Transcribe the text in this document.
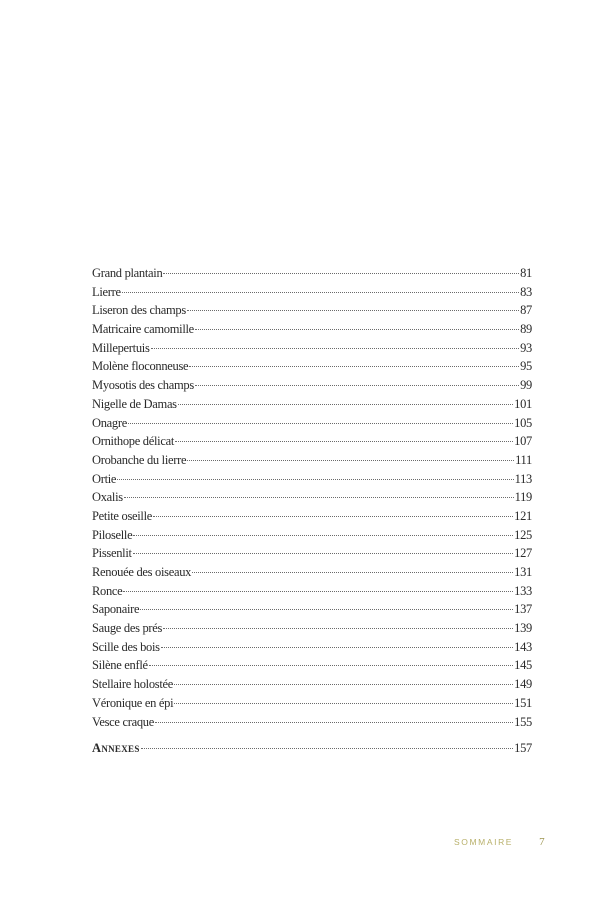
Grand plantain	81
Lierre	83
Liseron des champs	87
Matricaire camomille	89
Millepertuis	93
Molène floconneuse	95
Myosotis des champs	99
Nigelle de Damas	101
Onagre	105
Ornithope délicat	107
Orobanche du lierre	111
Ortie	113
Oxalis	119
Petite oseille	121
Piloselle	125
Pissenlit	127
Renouée des oiseaux	131
Ronce	133
Saponaire	137
Sauge des prés	139
Scille des bois	143
Silène enflé	145
Stellaire holostée	149
Véronique en épi	151
Vesce craque	155
Annexes	157
SOMMAIRE 7
